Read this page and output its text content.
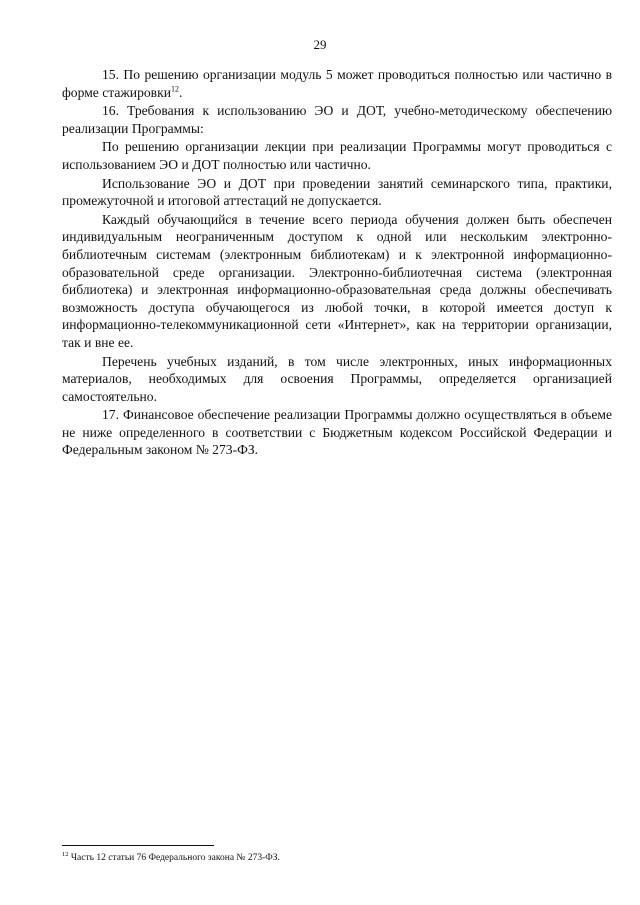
29

15. По решению организации модуль 5 может проводиться полностью или частично в форме стажировки$^{12}$.

16. Требования к использованию ЭО и ДОТ, учебно-методическому обеспечению реализации Программы:

По решению организации лекции при реализации Программы могут проводиться с использованием ЭО и ДОТ полностью или частично.

Использование ЭО и ДОТ при проведении занятий семинарского типа, практики, промежуточной и итоговой аттестаций не допускается.

Каждый обучающийся в течение всего периода обучения должен быть обеспечен индивидуальным неограниченным доступом к одной или нескольким электронно-библиотечным системам (электронным библиотекам) и к электронной информационно-образовательной среде организации. Электронно-библиотечная система (электронная библиотека) и электронная информационно-образовательная среда должны обеспечивать возможность доступа обучающегося из любой точки, в которой имеется доступ к информационно-телекоммуникационной сети «Интернет», как на территории организации, так и вне ее.

Перечень учебных изданий, в том числе электронных, иных информационных материалов, необходимых для освоения Программы, определяется организацией самостоятельно.

17. Финансовое обеспечение реализации Программы должно осуществляться в объеме не ниже определенного в соответствии с Бюджетным кодексом Российской Федерации и Федеральным законом № 273-ФЗ.

$^{12}$ Часть 12 статьи 76 Федерального закона № 273-ФЗ.
